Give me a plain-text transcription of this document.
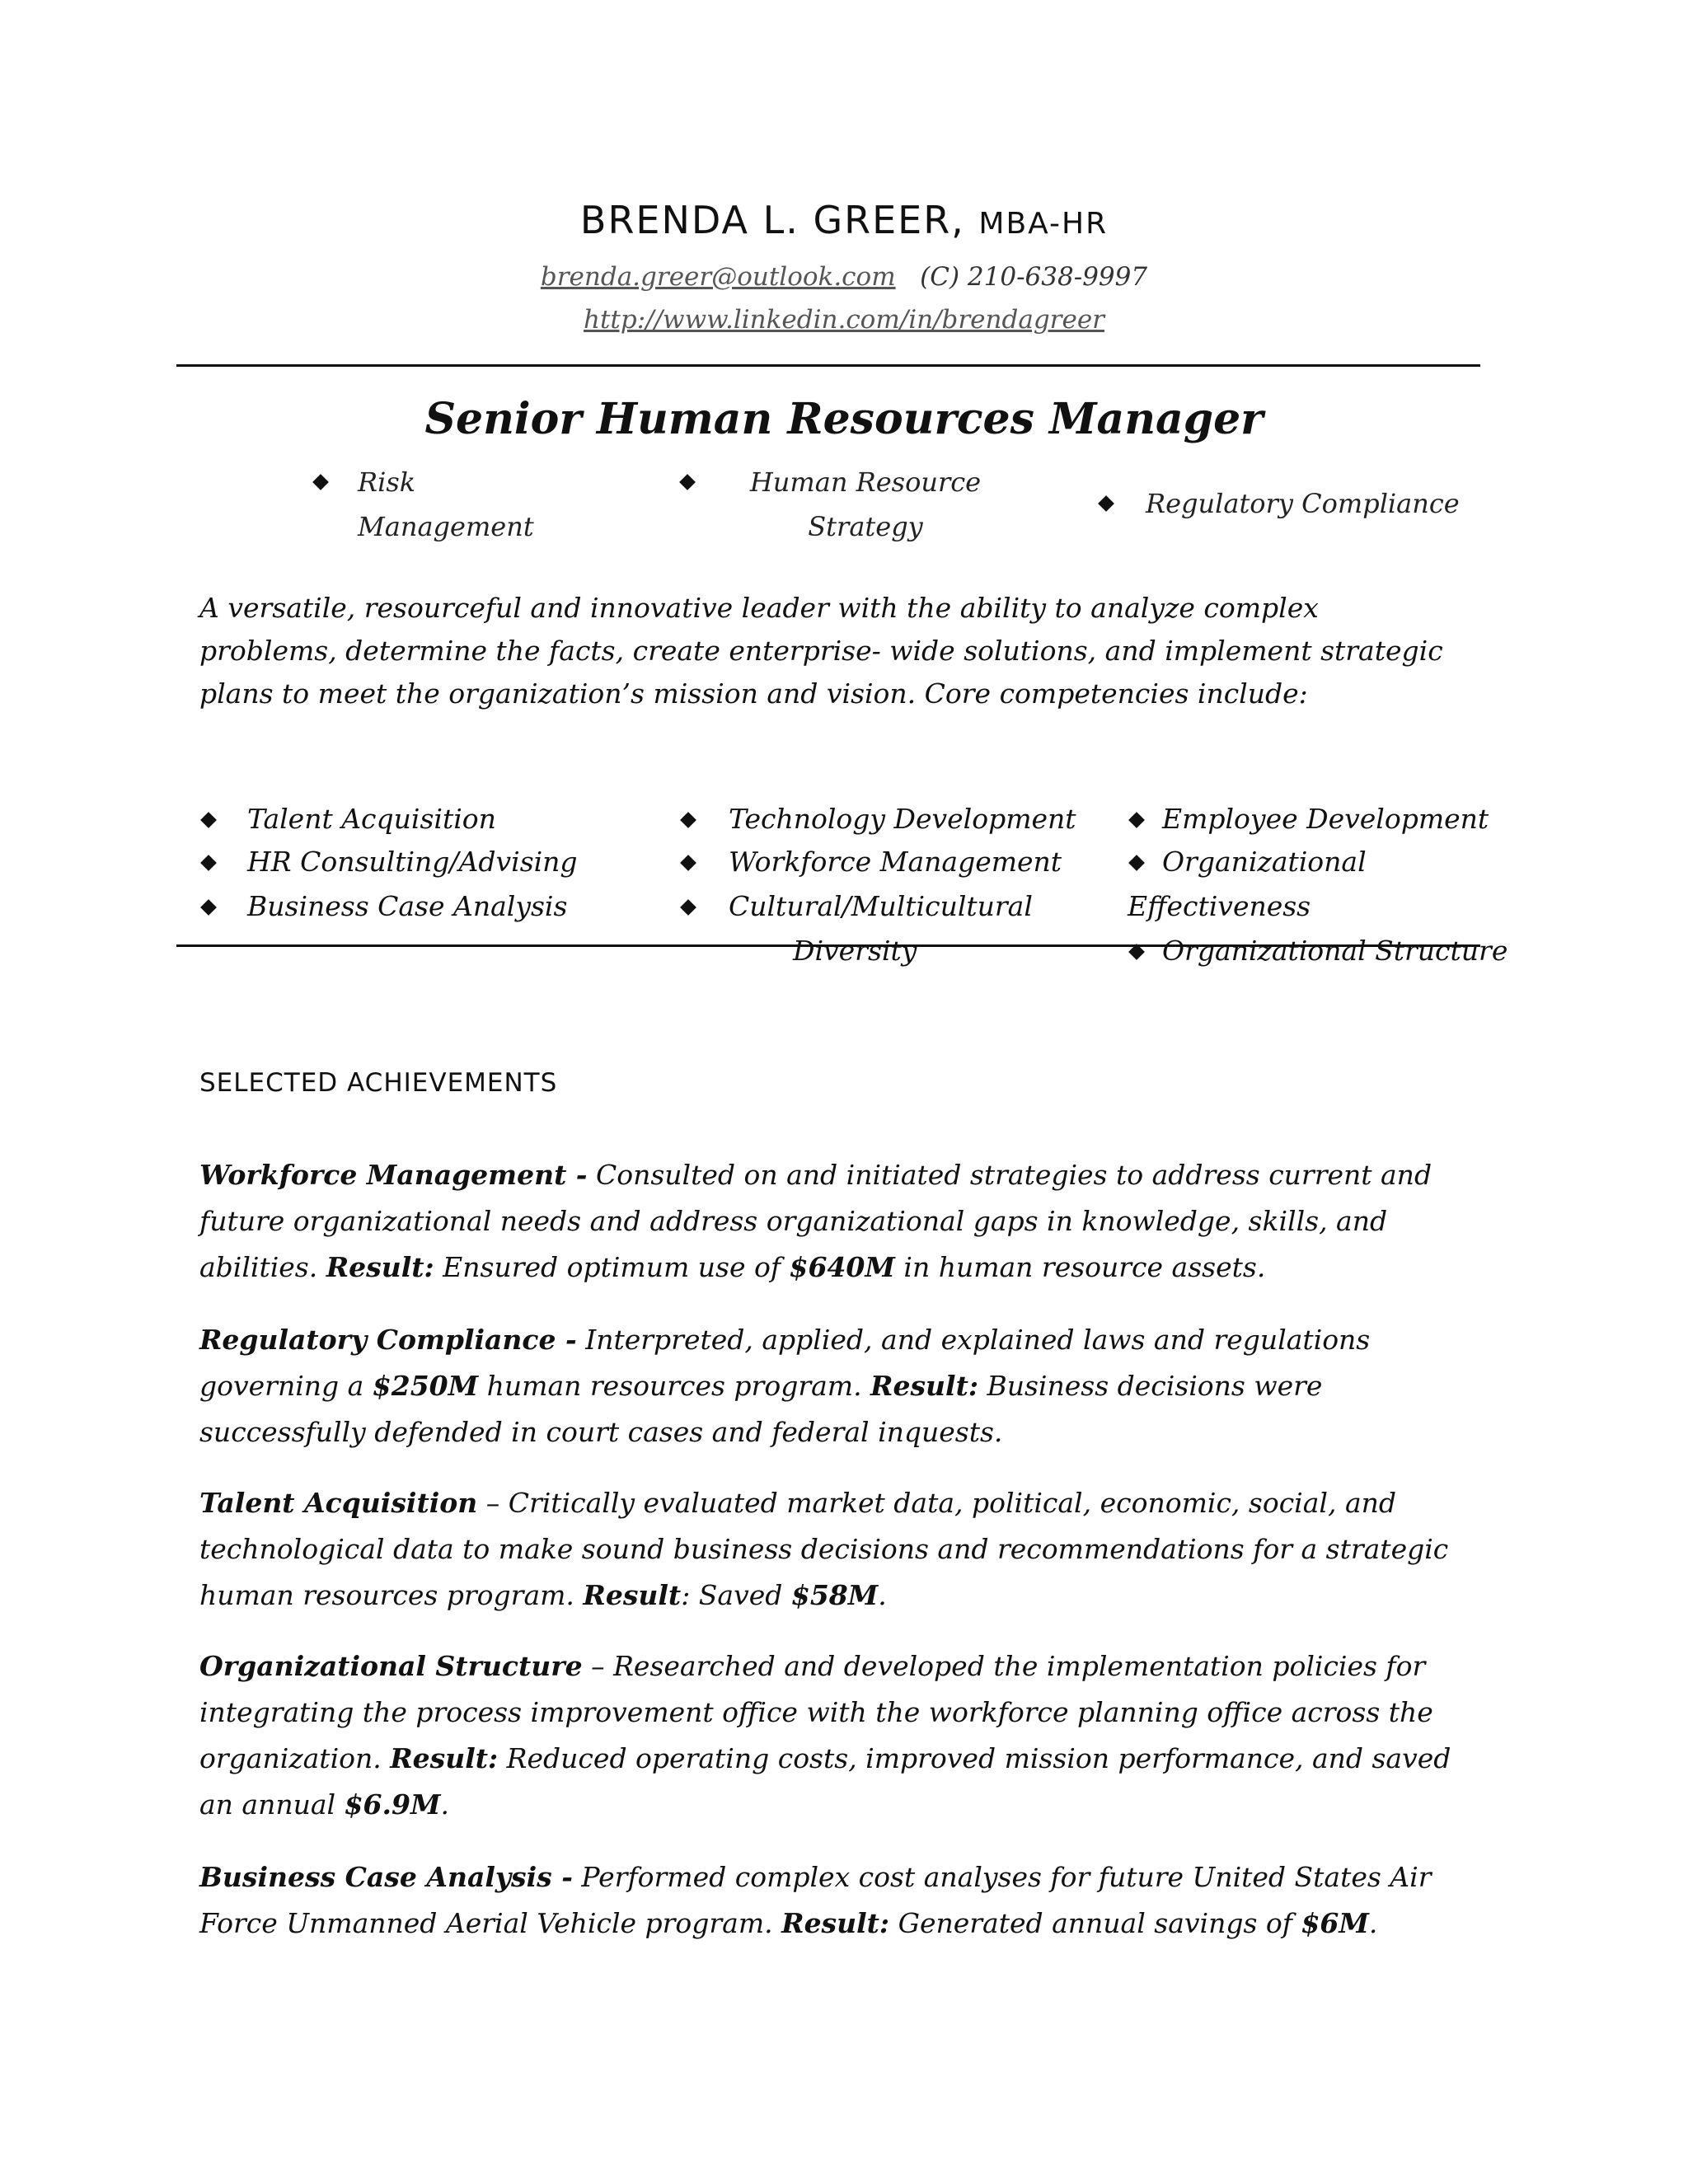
BRENDA L. GREER, MBA-HR
brenda.greer@outlook.com (C) 210-638-9997
http://www.linkedin.com/in/brendagreer
Senior Human Resources Manager
Risk
Management
Human Resource
Strategy
Regulatory Compliance
A versatile, resourceful and innovative leader with the ability to analyze complex problems, determine the facts, create enterprise- wide solutions, and implement strategic plans to meet the organization’s mission and vision. Core competencies include:
Talent Acquisition
HR Consulting/Advising
Business Case Analysis
Technology Development
Workforce Management
Cultural/Multicultural
Diversity
Employee Development
Organizational
Effectiveness
Organizational Structure
SELECTED ACHIEVEMENTS
Workforce Management - Consulted on and initiated strategies to address current and future organizational needs and address organizational gaps in knowledge, skills, and abilities. Result: Ensured optimum use of $640M in human resource assets.
Regulatory Compliance - Interpreted, applied, and explained laws and regulations governing a $250M human resources program. Result: Business decisions were successfully defended in court cases and federal inquests.
Talent Acquisition – Critically evaluated market data, political, economic, social, and technological data to make sound business decisions and recommendations for a strategic human resources program. Result: Saved $58M.
Organizational Structure – Researched and developed the implementation policies for integrating the process improvement office with the workforce planning office across the organization. Result: Reduced operating costs, improved mission performance, and saved an annual $6.9M.
Business Case Analysis - Performed complex cost analyses for future United States Air Force Unmanned Aerial Vehicle program. Result: Generated annual savings of $6M.
